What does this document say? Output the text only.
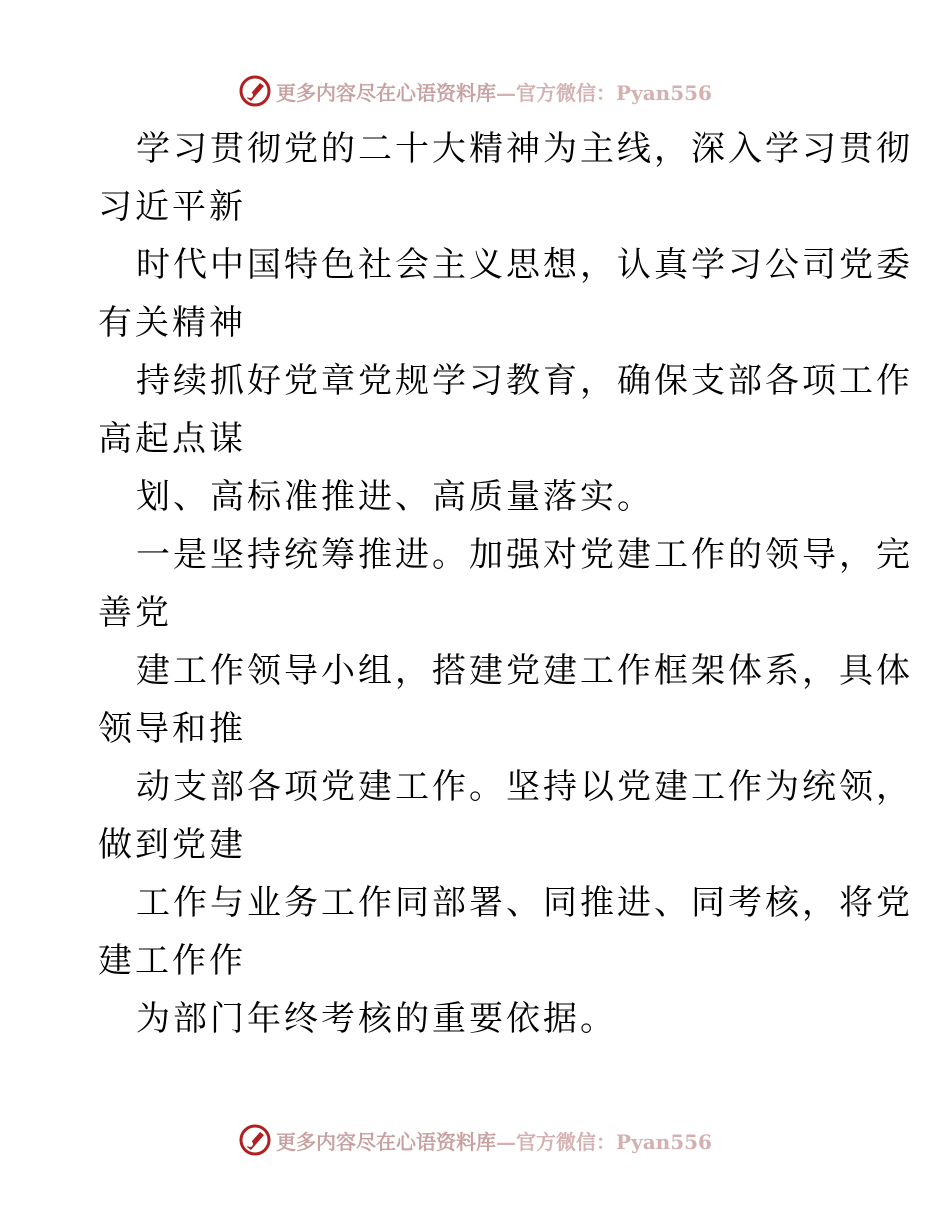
更多内容尽在心语资料库—官方微信：Pyan556
学习贯彻党的二十大精神为主线，深入学习贯彻
习近平新
时代中国特色社会主义思想，认真学习公司党委
有关精神
持续抓好党章党规学习教育，确保支部各项工作
高起点谋
划、高标准推进、高质量落实。
一是坚持统筹推进。加强对党建工作的领导，完
善党
建工作领导小组，搭建党建工作框架体系，具体
领导和推
动支部各项党建工作。坚持以党建工作为统领，
做到党建
工作与业务工作同部署、同推进、同考核，将党
建工作作
为部门年终考核的重要依据。
更多内容尽在心语资料库—官方微信：Pyan556
